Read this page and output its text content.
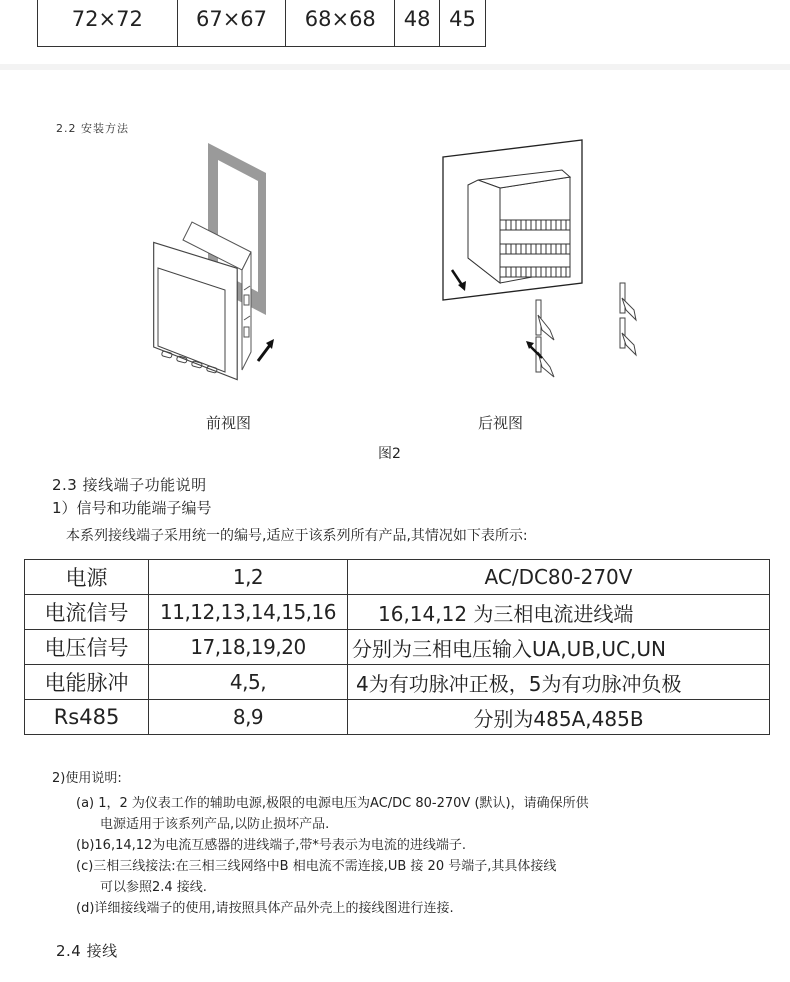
72×72	67×67	68×68	48	45
2.2 安装方法
前视图	后视图
图2
2.3 接线端子功能说明
1）信号和功能端子编号
本系列接线端子采用统一的编号,适应于该系列所有产品,其情况如下表所示:
电源	1,2	AC/DC80-270V
电流信号	11,12,13,14,15,16	16,14,12 为三相电流进线端
电压信号	17,18,19,20	分别为三相电压输入UA,UB,UC,UN
电能脉冲	4,5,	4为有功脉冲正极，5为有功脉冲负极
Rs485	8,9	分别为485A,485B
2)使用说明:
(a) 1，2 为仪表工作的辅助电源,极限的电源电压为AC/DC 80-270V (默认)，请确保所供
电源适用于该系列产品,以防止损坏产品.
(b)16,14,12为电流互感器的进线端子,带*号表示为电流的进线端子.
(c)三相三线接法:在三相三线网络中B 相电流不需连接,UB 接 20 号端子,其具体接线
可以参照2.4 接线.
(d)详细接线端子的使用,请按照具体产品外壳上的接线图进行连接.
2.4 接线
